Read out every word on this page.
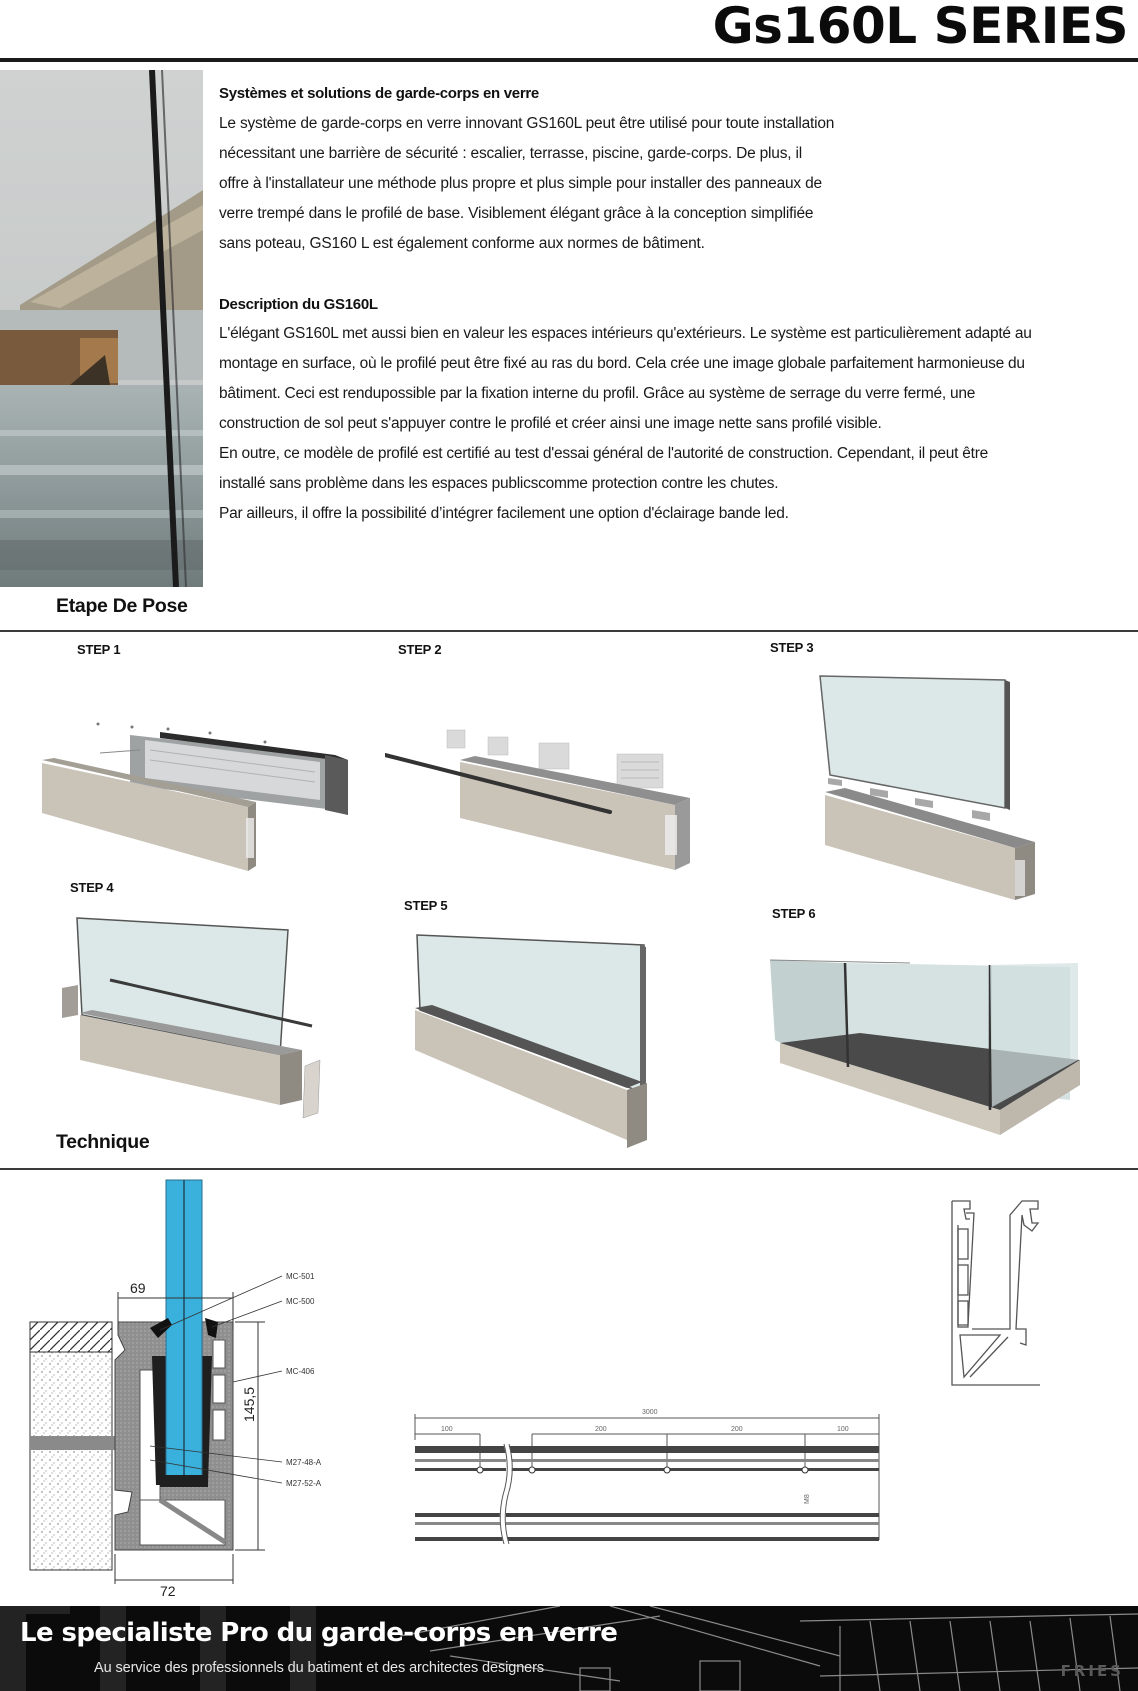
Gs160L SERIES
Systèmes et solutions de garde-corps en verre

Le système de garde-corps en verre innovant GS160L peut être utilisé pour toute installation

nécessitant une barrière de sécurité : escalier, terrasse, piscine, garde-corps. De plus, il

offre à l'installateur une méthode plus propre et plus simple pour installer des panneaux de

verre trempé dans le profilé de base. Visiblement élégant grâce à la conception simplifiée

sans poteau, GS160 L est également conforme aux normes de bâtiment.

Description du GS160L

L'élégant GS160L met aussi bien en valeur les espaces intérieurs qu'extérieurs. Le système est particulièrement adapté au

montage en surface, où le profilé peut être fixé au ras du bord. Cela crée une image globale parfaitement harmonieuse du

bâtiment. Ceci est rendupossible par la fixation interne du profil. Grâce au système de serrage du verre fermé, une

construction de sol peut s'appuyer contre le profilé et créer ainsi une image nette sans profilé visible.

En outre, ce modèle de profilé est certifié au test d'essai général de l'autorité de construction. Cependant, il peut être

installé sans problème dans les espaces publicscomme protection contre les chutes.

Par ailleurs, il offre la possibilité d’intégrer facilement une option d'éclairage bande led.

Etape De Pose
STEP 1	STEP 2	STEP 3
STEP 4
STEP 5
STEP 6
Technique
69
145,5
72
MC-501
MC-500
MC-406
M27-48-A
M27-52-A
3000
100	200	200	100
M8
Le specialiste Pro du garde-corps en verre
Au service des professionnels du batiment et des architectes designers	FRIES
